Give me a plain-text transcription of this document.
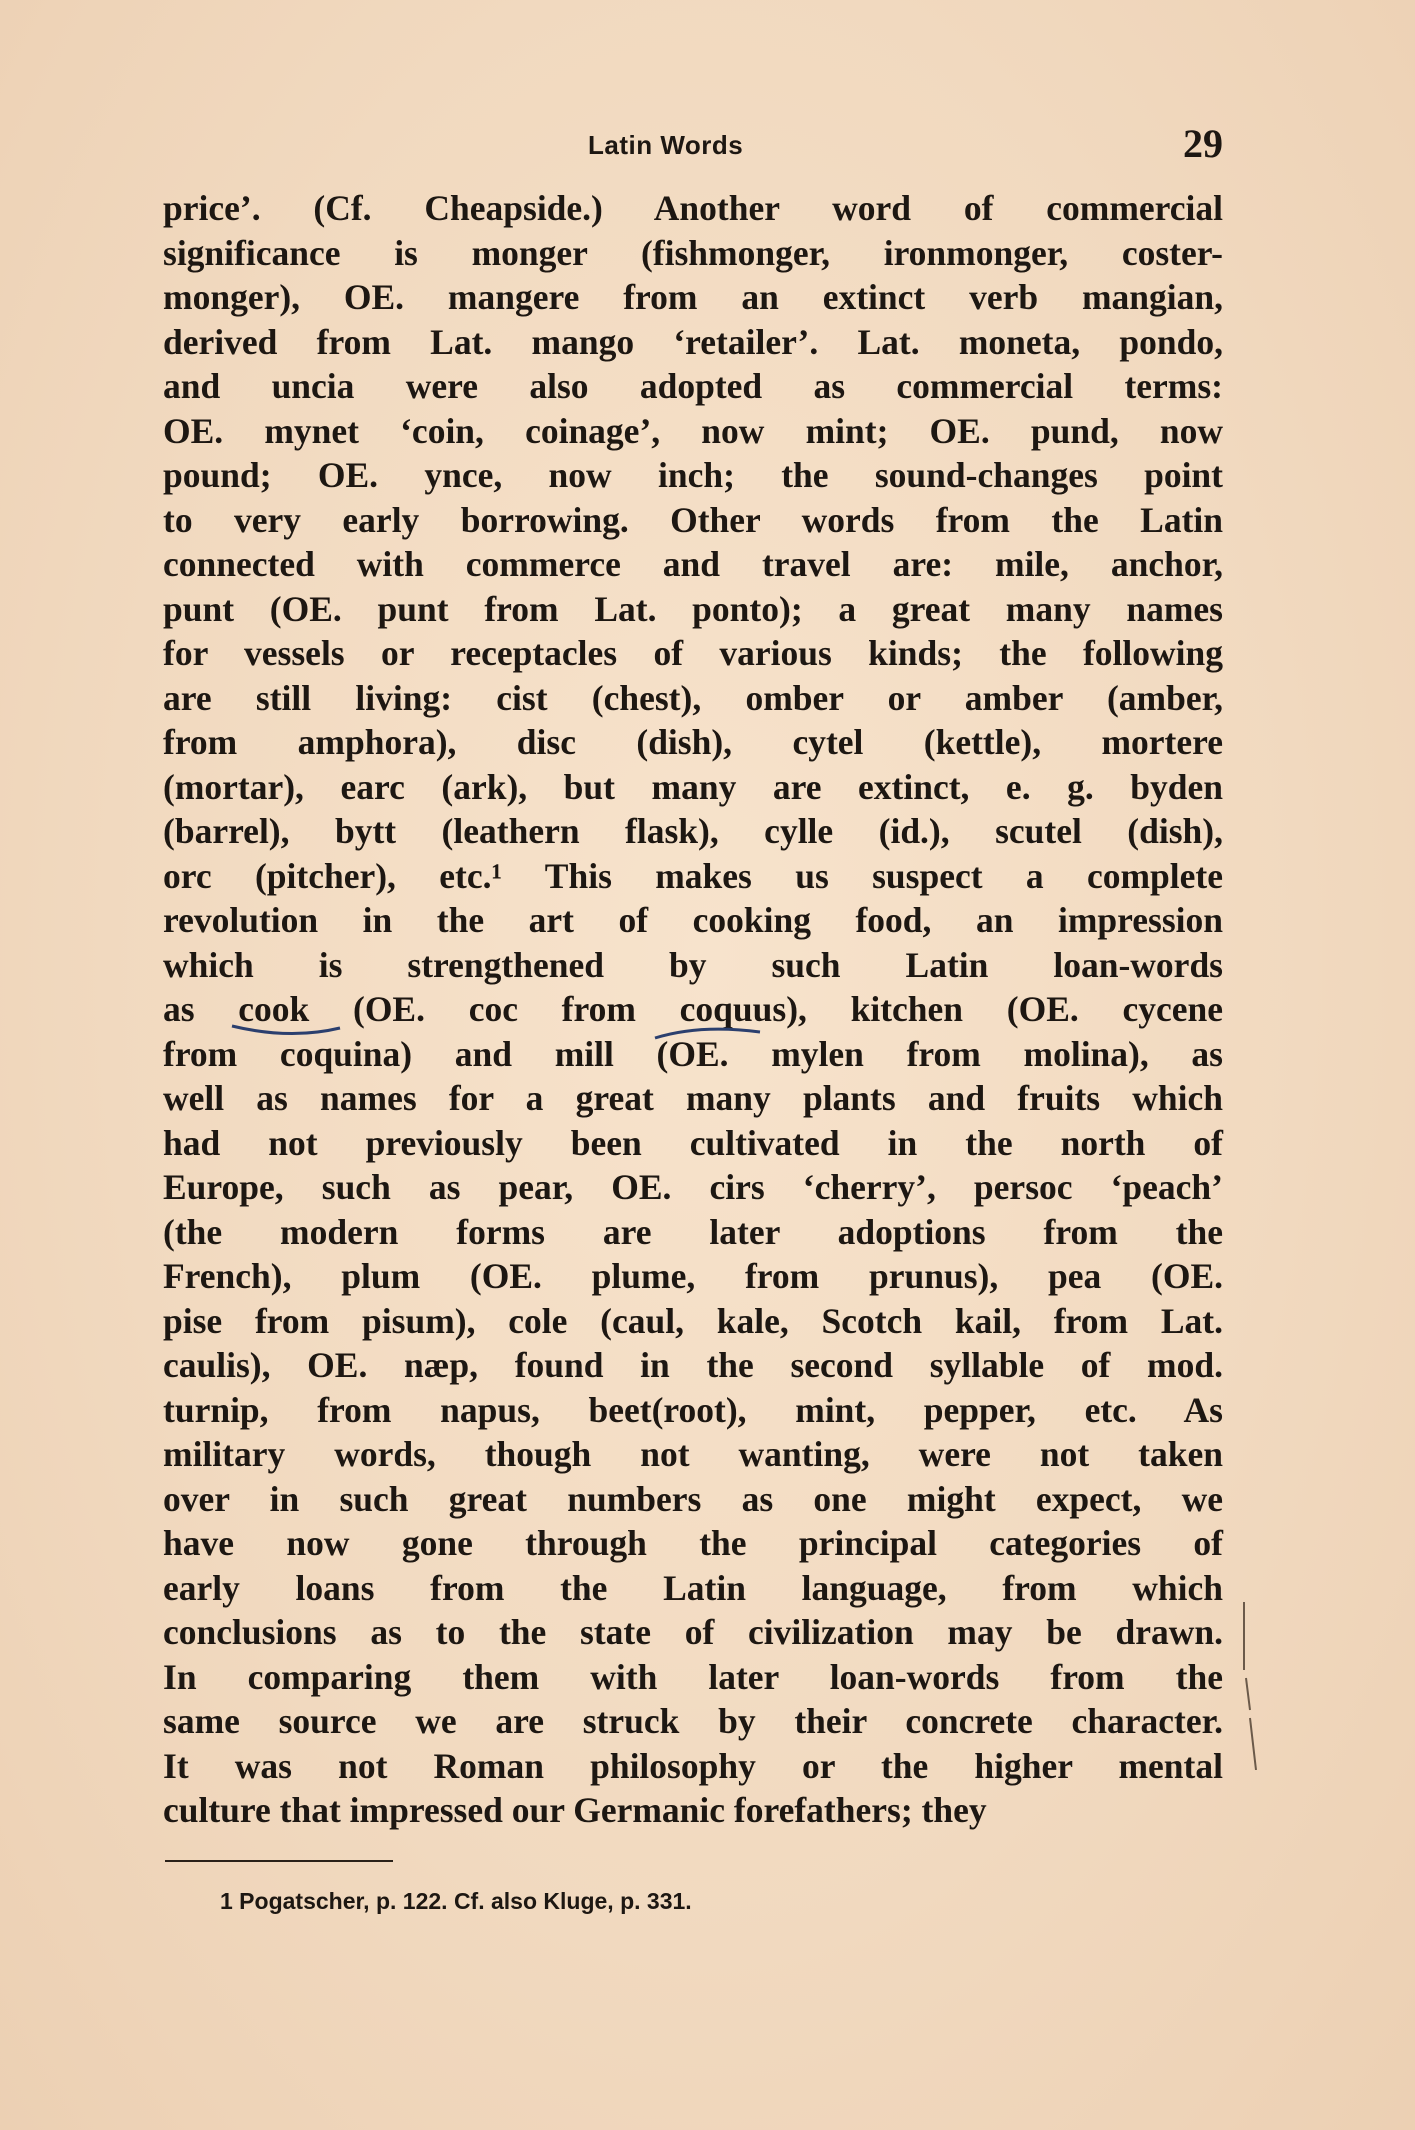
Latin Words	29
price’. (Cf. Cheapside.) Another word of commercial
significance is monger (fishmonger, ironmonger, coster-
monger), OE. mangere from an extinct verb mangian,
derived from Lat. mango ‘retailer’. Lat. moneta, pondo,
and uncia were also adopted as commercial terms:
OE. mynet ‘coin, coinage’, now mint; OE. pund, now
pound; OE. ynce, now inch; the sound-changes point
to very early borrowing. Other words from the Latin
connected with commerce and travel are: mile, anchor,
punt (OE. punt from Lat. ponto); a great many names
for vessels or receptacles of various kinds; the following
are still living: cist (chest), omber or amber (amber,
from amphora), disc (dish), cytel (kettle), mortere
(mortar), earc (ark), but many are extinct, e. g. byden
(barrel), bytt (leathern flask), cylle (id.), scutel (dish),
orc (pitcher), etc.¹ This makes us suspect a complete
revolution in the art of cooking food, an impression
which is strengthened by such Latin loan-words
as cook (OE. coc from coquus), kitchen (OE. cycene
from coquina) and mill (OE. mylen from molina), as
well as names for a great many plants and fruits which
had not previously been cultivated in the north of
Europe, such as pear, OE. cirs ‘cherry’, persoc ‘peach’
(the modern forms are later adoptions from the
French), plum (OE. plume, from prunus), pea (OE.
pise from pisum), cole (caul, kale, Scotch kail, from Lat.
caulis), OE. næp, found in the second syllable of mod.
turnip, from napus, beet(root), mint, pepper, etc. As
military words, though not wanting, were not taken
over in such great numbers as one might expect, we
have now gone through the principal categories of
early loans from the Latin language, from which
conclusions as to the state of civilization may be drawn.
In comparing them with later loan-words from the
same source we are struck by their concrete character.
It was not Roman philosophy or the higher mental
culture that impressed our Germanic forefathers; they
1 Pogatscher, p. 122. Cf. also Kluge, p. 331.
